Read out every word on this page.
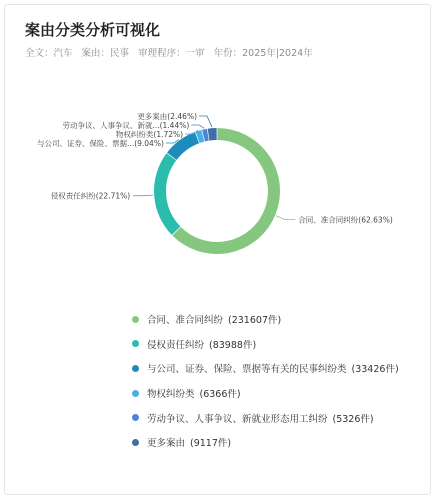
案由分类分析可视化
全文：汽车 案由：民事 审理程序：一审 年份：2025年|2024年
合同、准合同纠纷(62.63%)
侵权责任纠纷(22.71%)
与公司、证券、保险、票据...(9.04%)
物权纠纷类(1.72%)
劳动争议、人事争议、新就...(1.44%)
更多案由(2.46%)
合同、准合同纠纷 (231607件)
侵权责任纠纷 (83988件)
与公司、证券、保险、票据等有关的民事纠纷类 (33426件)
物权纠纷类 (6366件)
劳动争议、人事争议、新就业形态用工纠纷 (5326件)
更多案由 (9117件)
